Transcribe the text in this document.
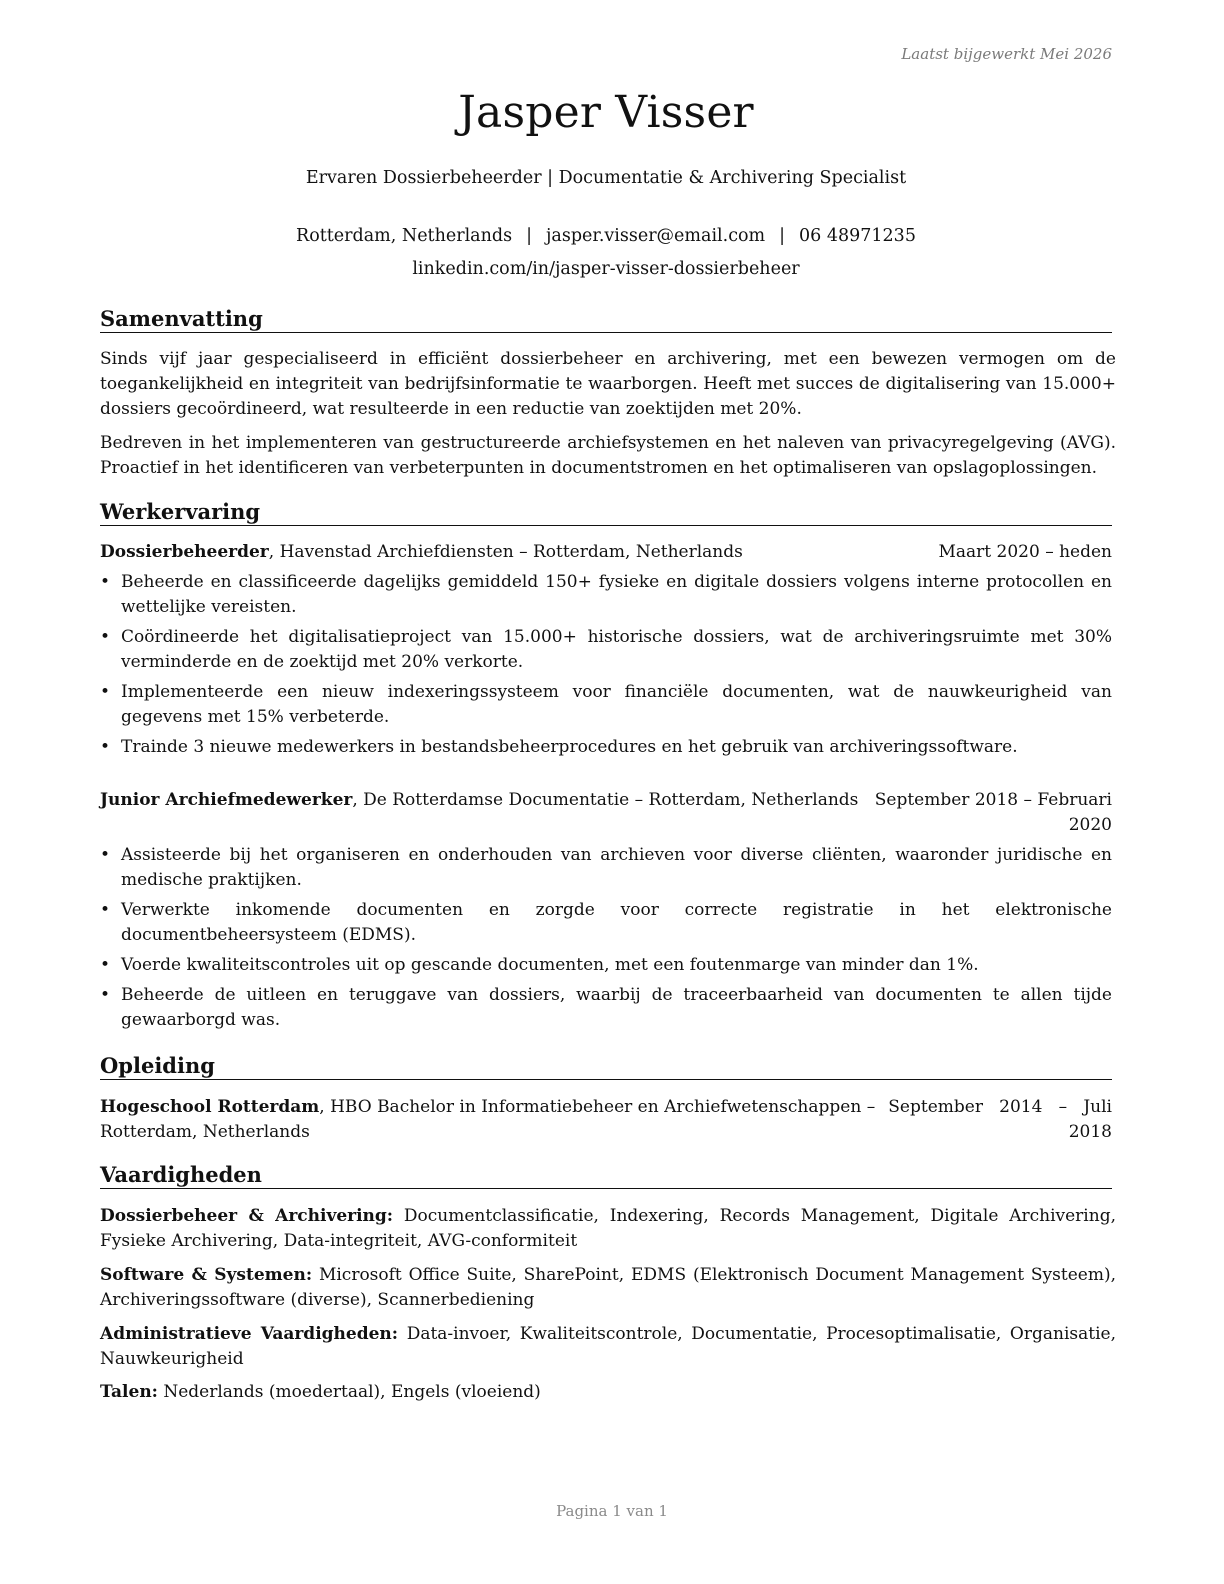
Laatst bijgewerkt Mei 2026
Jasper Visser
Ervaren Dossierbeheerder | Documentatie & Archivering Specialist
Rotterdam, Netherlands | jasper.visser@email.com | 06 48971235
linkedin.com/in/jasper-visser-dossierbeheer
Samenvatting

Sinds vijf jaar gespecialiseerd in efficiënt dossierbeheer en archivering, met een bewezen vermogen om de toegankelijkheid en integriteit van bedrijfsinformatie te waarborgen. Heeft met succes de digitalisering van 15.000+ dossiers gecoördineerd, wat resulteerde in een reductie van zoektijden met 20%.

Bedreven in het implementeren van gestructureerde archiefsystemen en het naleven van privacyregelgeving (AVG). Proactief in het identificeren van verbeterpunten in documentstromen en het optimaliseren van opslagoplossingen.

Werkervaring
Dossierbeheerder, Havenstad Archiefdiensten – Rotterdam, Netherlands	Maart 2020 – heden
• Beheerde en classificeerde dagelijks gemiddeld 150+ fysieke en digitale dossiers volgens interne protocollen en wettelijke vereisten.
• Coördineerde het digitalisatieproject van 15.000+ historische dossiers, wat de archiveringsruimte met 30% verminderde en de zoektijd met 20% verkorte.
• Implementeerde een nieuw indexeringssysteem voor financiële documenten, wat de nauwkeurigheid van gegevens met 15% verbeterde.
• Trainde 3 nieuwe medewerkers in bestandsbeheerprocedures en het gebruik van archiveringssoftware.
Junior Archiefmedewerker, De Rotterdamse Documentatie – Rotterdam, Netherlands September 2018 – Februari
2020
• Assisteerde bij het organiseren en onderhouden van archieven voor diverse cliënten, waaronder juridische en medische praktijken.
• Verwerkte inkomende documenten en zorgde voor correcte registratie in het elektronische documentbeheersysteem (EDMS).
• Voerde kwaliteitscontroles uit op gescande documenten, met een foutenmarge van minder dan 1%.
• Beheerde de uitleen en teruggave van dossiers, waarbij de traceerbaarheid van documenten te allen tijde gewaarborgd was.
Opleiding
Hogeschool Rotterdam, HBO Bachelor in Informatiebeheer en Archiefwetenschappen –
Rotterdam, Netherlands
September   2014   –   Juli
2018
Vaardigheden

Dossierbeheer & Archivering: Documentclassificatie, Indexering, Records Management, Digitale Archivering, Fysieke Archivering, Data-integriteit, AVG-conformiteit

Software & Systemen: Microsoft Office Suite, SharePoint, EDMS (Elektronisch Document Management Systeem), Archiveringssoftware (diverse), Scannerbediening

Administratieve Vaardigheden: Data-invoer, Kwaliteitscontrole, Documentatie, Procesoptimalisatie, Organisatie, Nauwkeurigheid

Talen: Nederlands (moedertaal), Engels (vloeiend)

Pagina 1 van 1
